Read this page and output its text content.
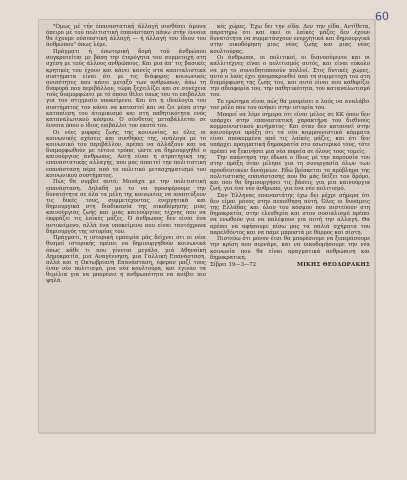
60

"Όμως μέ τήν έπαναστατική άλλαγή συνθέσει άμυνα όπειρο μέ τού πολιτιστική έπανάσταση πάνω στήν έννοια θα έχουμε ούσιαστική άλλαγή — ή άλλαγή του ίδιου του άνθρώπου" όπως λέμε.

Πράγματι ή έσωτερική δομή τού άνθρώπου συγκροτείται με βάση την έτερόγητα του συμμετοχή στη σχέση με τούς άλλους ανθρώπους. Και μια άπ' τις βασικές κρητικές του έχουν και κάνει κανείς στα καπιταλιστικά συστήματα είναι ότι με τις διάφορες κοινωνικές ανισότητες που κάνει μεταξύ των ανθρώπων, άπω τη διαφορά που περιβάλλον, τώρα ξεχειλίζει και σε συνέχεια τούς διαμορφώνει με τό όποιο θέλει όπως του το επιβάλλει για τον στιγμιαίο υποκείμενο. Και ότι η ιδεολογία του συστήματος τον κάνει να καταστεί και να ζει μέσα στην καταπίεση του άτομικισμό και στη παθητικότητα ενός καταναλωτικού κόσμου. Ό σύνθετος μεταβάλλεται σε έννοια όπου ο ίδιος επιβάλλει τον εαυτό του.

Οι νέες μορφές ζωής της κοινωνίας, κι όλες οι κοινωνικές σχέσεις και συνθήκες της, ανάλογα με το κοινωνικό του περιβάλλον, πρέπει να άλλάξουν και να διαμορφωθούν με τέτοιο τρόπο, ώστε να δημιουργηθεί ο καινούργιος άνθρωπος. Αυτή είναι η στρατηγική της επαναστατικής αλλαγής, που μας απαιτεί την πολιτιστική επανάσταση πέρα από το πολιτικό μετασχηματισμό του κοινωνικού συστήματος.

Πώς θα συμβεί αυτό; Μονάχα με την πολιτιστική επανάσταση. Δηλαδή με το να προσφέρουμε την δυνατότητα σε όλα τα μέλη της κοινωνίας να αναπτύξουν τις δικές τους, συμμετέχοντας ενεργητικά και δημιουργικά στη διαδικασία της οικοδόμησης μιας καινούργιας ζωής και μιας καινούργιας τέχνης που να έκφράζει τις λαϊκές μάζες. Ό άνθρωπος δεν είναι ένα αντικείμενο, αλλά ένα υποκείμενο που είναι ταυτόχρονα δημιουργός της ιστορίας του.

Πράγματι, η ιστορική εμπειρία μάς δείχνει ότι οι νέοι θεσμοί ιστορικής πρέπει να δημιουργηθούν κοινωνικά όπως κάθε τι που γίνεται μεγάλο, μιά Αθηναϊκή Δημοκρατία, μια Αναγέννηση, μια Γαλλική Επανάσταση, αλλά και η Οκτωβριανή Επανάσταση, έφεραν μαζί τους έναν νέο πολιτισμό, μια νέα κουλτούρα, και έγιναν τα θεμέλια για να μπορέσει η ανθρωπότητα να ανέβει πιο ψηλά.

κές χώρες. Έχω δει την είδα. Δεν την είδα. Αντίθετα, παρατηρώ ότι και εκεί οι λαϊκές μάζες δεν έχουν δυνατότητα να συμμετάσχουν ενεργητικά και δημιουργικά στην οικοδόμηση μιας νέας ζωής και μιας νέας κουλτούρας.

Οι άνθρωποι, οι πολιτικοί, οι διανοούμενοι και οι καλλιτέχνες είναι ο πολιτισμός αυτός, και είναι εύκολο να μη το συνειδητοποιούν πολλοί. Στις δυτικές χώρες, αυτό ο λαός έχει απομακρυνθεί από τη συμμετοχή του στη διαμόρφωση της ζωής του, και αυτό είναι που καθορίζει την αδιαφορία του, την παθητικότητα, τον καταναλωτισμό του.

Το ερώτημα είναι πώς θα μπορέσει ο λαός να αναλάβει τον ρόλο που του ανήκει στην ιστορία του.

Μπορεί να λέμε σήμερα ότι είναι μέλος σε ΚΚ όπου δεν υπάρχει στην επαναστατική χαρακτήρα του διεθνούς κομμουνιστικού κινήματος· Και όταν δεν κατανοεί στην καινούργια πράξη ότι τα νέα κομμουνιστικά κόμματα είναι αποκομμένα από τις λαϊκές μάζες, και ότι δεν υπάρχει πραγματική δημοκρατία στο εσωτερικό τους, τότε πρέπει να ξεκινήσει μια νέα πορεία σε όλους τους τομείς.

Την απάντηση την έδωσε ο ίδιος μέ την παρουσία του στην πράξη όταν μίλησε για τη συνεργασία όλων των προοδευτικών δυνάμεων. Εδώ βρίσκεται το πρόβλημα της πολιτιστικής επανάστασης που θα μάς δείξει τον δρόμο, και που θα δημιουργήσει τις βάσεις για μια καινούργια ζωή, για ένα νέο άνθρωπο, για ένα νέο πολιτισμό.

Σαν Έλληνας επαναστάτης έχω δει μέχρι σήμερα ότι δεν είμαι μόνος στην πεποίθηση αυτή. Όλες οι δυνάμεις της Ελλάδας και όλου του κόσμου που πιστεύουν στη δημοκρατία, στην ελευθερία και στον σοσιαλισμό πρέπει να ενωθούν για να παλέψουν για αυτή την αλλαγή. Θα πρέπει να αφήσουμε πίσω μας τα παλιά σχήματα του παρελθόντος και να πάμε μπροστά με θάρρος και πίστη.

Πιστεύω ότι μόνον έτσι θα μπορέσουμε να ξεπεράσουμε την κρίση που περνάμε, και να οικοδομήσουμε την νέα κοινωνία που θα είναι πραγματικά ανθρώπινη και δημοκρατική.

Σίβρει 19—3—72	ΜΙΚΗΣ ΘΕΟΔΩΡΑΚΗΣ
